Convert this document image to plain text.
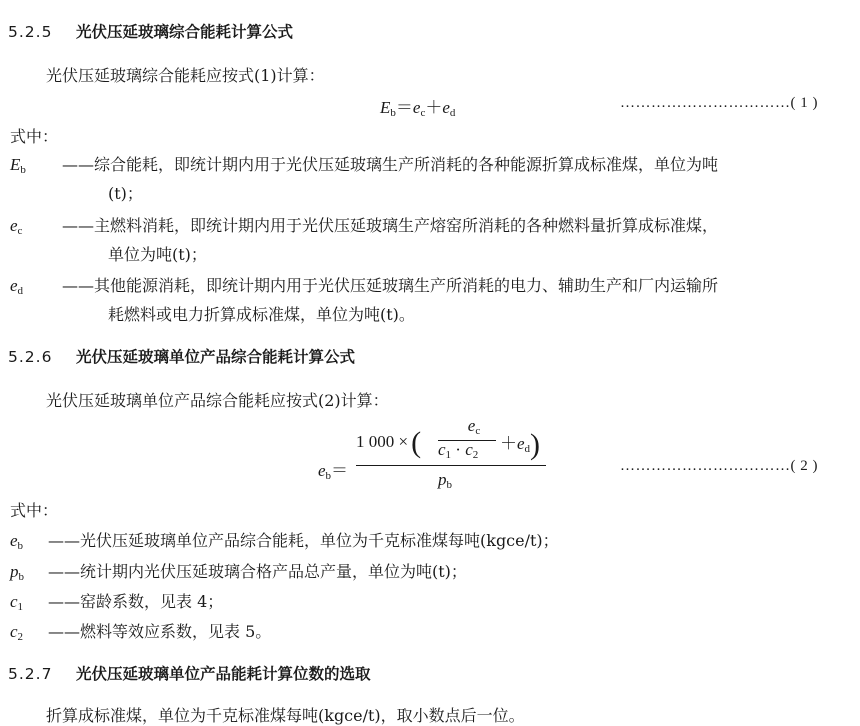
5.2.5 光伏压延玻璃综合能耗计算公式
光伏压延玻璃综合能耗应按式(1)计算：
$E_b=e_c+e_d$
……………………………( 1 )
式中：
$E_b$ ——综合能耗，即统计期内用于光伏压延玻璃生产所消耗的各种能源折算成标准煤，单位为吨
(t)；
$e_c$ ——主燃料消耗，即统计期内用于光伏压延玻璃生产熔窑所消耗的各种燃料量折算成标准煤，
单位为吨(t)；
$e_d$ ——其他能源消耗，即统计期内用于光伏压延玻璃生产所消耗的电力、辅助生产和厂内运输所
耗燃料或电力折算成标准煤，单位为吨(t)。
5.2.6 光伏压延玻璃单位产品综合能耗计算公式
光伏压延玻璃单位产品综合能耗应按式(2)计算：
$e_b=$
1 000 × (
$e_c$
$c_1 \cdot c_2$
$+e_d$)
$p_b$
……………………………( 2 )
式中：
$e_b$ ——光伏压延玻璃单位产品综合能耗，单位为千克标准煤每吨(kgce/t)；
$p_b$ ——统计期内光伏压延玻璃合格产品总产量，单位为吨(t)；
$c_1$ ——窑龄系数，见表 4；
$c_2$ ——燃料等效应系数，见表 5。
5.2.7 光伏压延玻璃单位产品能耗计算位数的选取
折算成标准煤，单位为千克标准煤每吨(kgce/t)，取小数点后一位。
